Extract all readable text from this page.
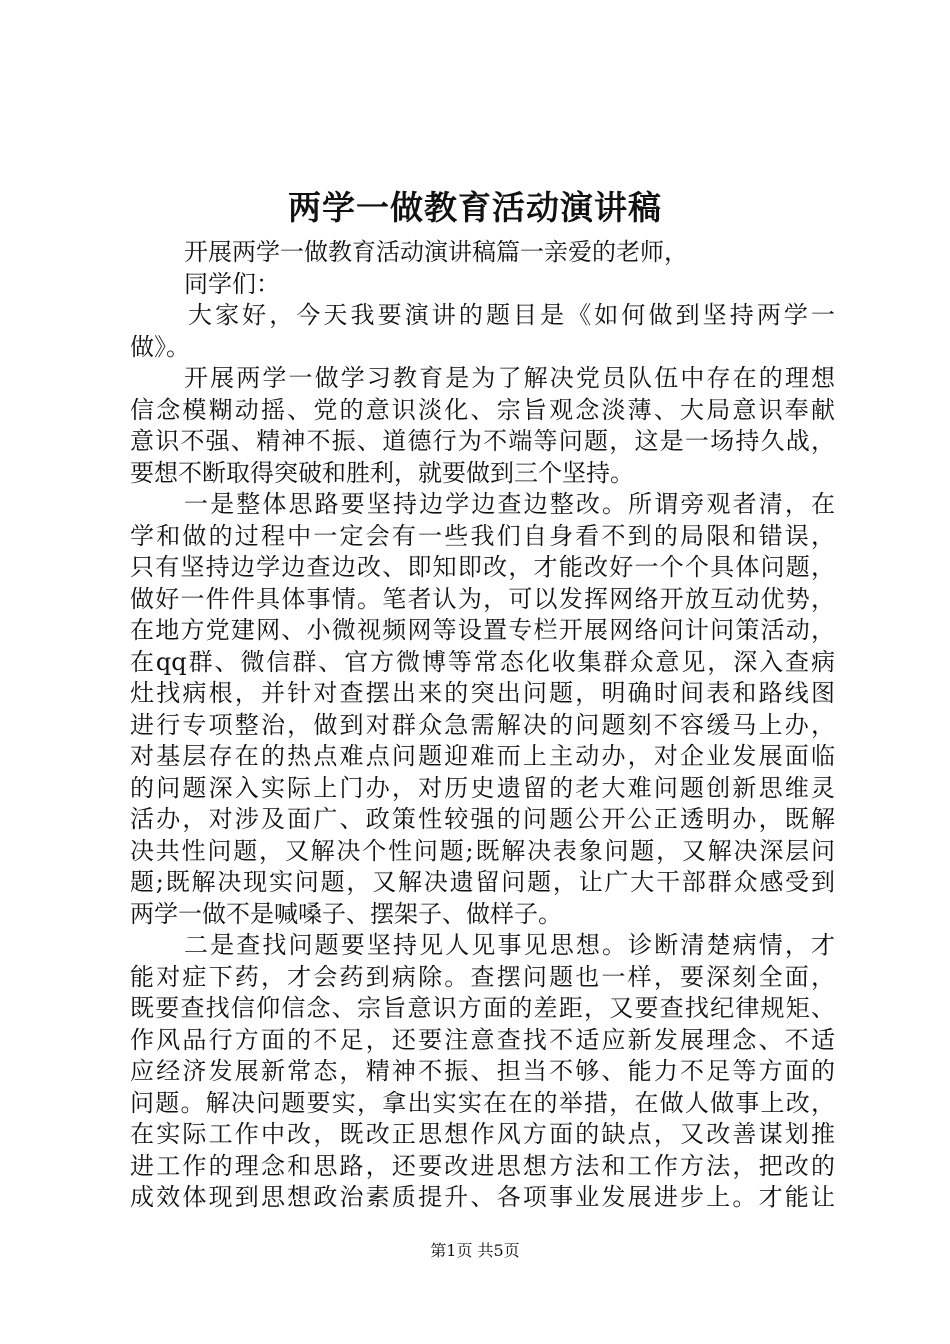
两学一做教育活动演讲稿
开展两学一做教育活动演讲稿篇一亲爱的老师，
同学们：
大家好，今天我要演讲的题目是《如何做到坚持两学一
做》。
开展两学一做学习教育是为了解决党员队伍中存在的理想
信念模糊动摇、党的意识淡化、宗旨观念淡薄、大局意识奉献
意识不强、精神不振、道德行为不端等问题，这是一场持久战，
要想不断取得突破和胜利，就要做到三个坚持。
一是整体思路要坚持边学边查边整改。所谓旁观者清，在
学和做的过程中一定会有一些我们自身看不到的局限和错误，
只有坚持边学边查边改、即知即改，才能改好一个个具体问题，
做好一件件具体事情。笔者认为，可以发挥网络开放互动优势，
在地方党建网、小微视频网等设置专栏开展网络问计问策活动，
在qq群、微信群、官方微博等常态化收集群众意见，深入查病
灶找病根，并针对查摆出来的突出问题，明确时间表和路线图
进行专项整治，做到对群众急需解决的问题刻不容缓马上办，
对基层存在的热点难点问题迎难而上主动办，对企业发展面临
的问题深入实际上门办，对历史遗留的老大难问题创新思维灵
活办，对涉及面广、政策性较强的问题公开公正透明办，既解
决共性问题，又解决个性问题;既解决表象问题，又解决深层问
题;既解决现实问题，又解决遗留问题，让广大干部群众感受到
两学一做不是喊嗓子、摆架子、做样子。
二是查找问题要坚持见人见事见思想。诊断清楚病情，才
能对症下药，才会药到病除。查摆问题也一样，要深刻全面，
既要查找信仰信念、宗旨意识方面的差距，又要查找纪律规矩、
作风品行方面的不足，还要注意查找不适应新发展理念、不适
应经济发展新常态，精神不振、担当不够、能力不足等方面的
问题。解决问题要实，拿出实实在在的举措，在做人做事上改，
在实际工作中改，既改正思想作风方面的缺点，又改善谋划推
进工作的理念和思路，还要改进思想方法和工作方法，把改的
成效体现到思想政治素质提升、各项事业发展进步上。才能让
第1页 共5页
